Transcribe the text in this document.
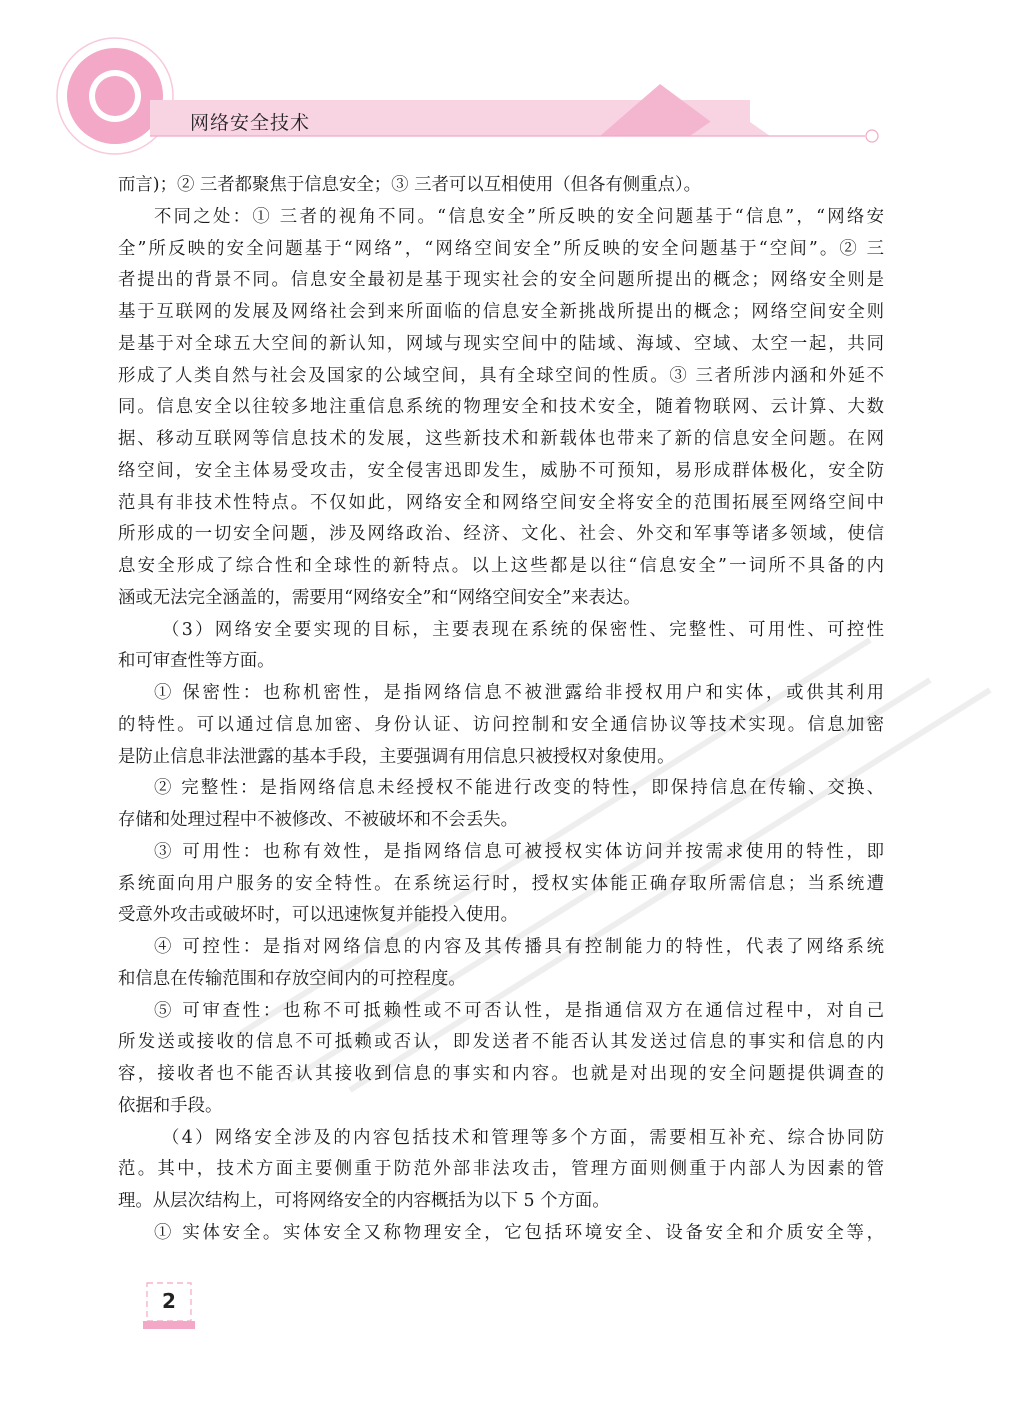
网络安全技术
而言)；② 三者都聚焦于信息安全；③ 三者可以互相使用（但各有侧重点）。
不同之处：① 三者的视角不同。“信息安全”所反映的安全问题基于“信息”，“网络安
全”所反映的安全问题基于“网络”，“网络空间安全”所反映的安全问题基于“空间”。② 三
者提出的背景不同。信息安全最初是基于现实社会的安全问题所提出的概念；网络安全则是
基于互联网的发展及网络社会到来所面临的信息安全新挑战所提出的概念；网络空间安全则
是基于对全球五大空间的新认知，网域与现实空间中的陆域、海域、空域、太空一起，共同
形成了人类自然与社会及国家的公域空间，具有全球空间的性质。③ 三者所涉内涵和外延不
同。信息安全以往较多地注重信息系统的物理安全和技术安全，随着物联网、云计算、大数
据、移动互联网等信息技术的发展，这些新技术和新载体也带来了新的信息安全问题。在网
络空间，安全主体易受攻击，安全侵害迅即发生，威胁不可预知，易形成群体极化，安全防
范具有非技术性特点。不仅如此，网络安全和网络空间安全将安全的范围拓展至网络空间中
所形成的一切安全问题，涉及网络政治、经济、文化、社会、外交和军事等诸多领域，使信
息安全形成了综合性和全球性的新特点。以上这些都是以往“信息安全”一词所不具备的内
涵或无法完全涵盖的，需要用“网络安全”和“网络空间安全”来表达。
（3）网络安全要实现的目标，主要表现在系统的保密性、完整性、可用性、可控性
和可审查性等方面。
① 保密性：也称机密性，是指网络信息不被泄露给非授权用户和实体，或供其利用
的特性。可以通过信息加密、身份认证、访问控制和安全通信协议等技术实现。信息加密
是防止信息非法泄露的基本手段，主要强调有用信息只被授权对象使用。
② 完整性：是指网络信息未经授权不能进行改变的特性，即保持信息在传输、交换、
存储和处理过程中不被修改、不被破坏和不会丢失。
③ 可用性：也称有效性，是指网络信息可被授权实体访问并按需求使用的特性，即
系统面向用户服务的安全特性。在系统运行时，授权实体能正确存取所需信息；当系统遭
受意外攻击或破坏时，可以迅速恢复并能投入使用。
④ 可控性：是指对网络信息的内容及其传播具有控制能力的特性，代表了网络系统
和信息在传输范围和存放空间内的可控程度。
⑤ 可审查性：也称不可抵赖性或不可否认性，是指通信双方在通信过程中，对自己
所发送或接收的信息不可抵赖或否认，即发送者不能否认其发送过信息的事实和信息的内
容，接收者也不能否认其接收到信息的事实和内容。也就是对出现的安全问题提供调查的
依据和手段。
（4）网络安全涉及的内容包括技术和管理等多个方面，需要相互补充、综合协同防
范。其中，技术方面主要侧重于防范外部非法攻击，管理方面则侧重于内部人为因素的管
理。从层次结构上，可将网络安全的内容概括为以下 5 个方面。
① 实体安全。实体安全又称物理安全，它包括环境安全、设备安全和介质安全等，
2
